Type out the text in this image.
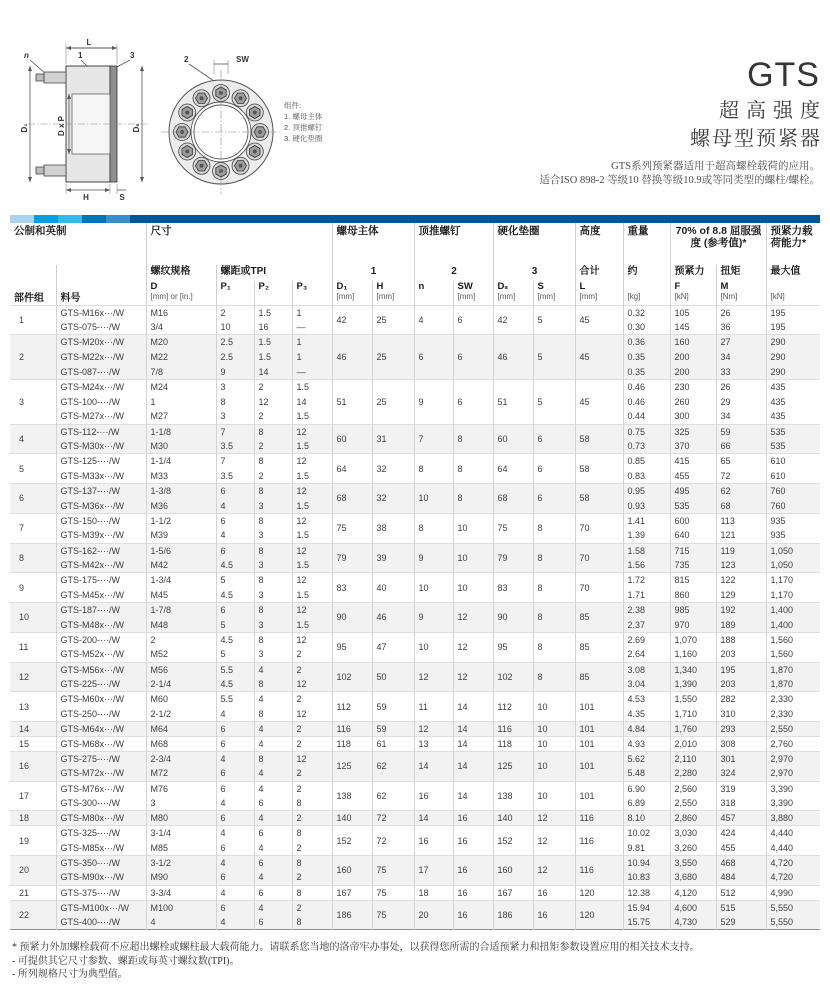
L
n	1	3
D₁	D x P	Dₛ
H	S
2	SW
组件:
1. 螺母主体
2. 顶推螺钉
3. 硬化垫圈
GTS
超高强度
螺母型预紧器
GTS系列预紧器适用于超高螺栓载荷的应用。
适合ISO 898-2 等级10 替换等级10.9或等同类型的螺柱/螺栓。
公制和英制		尺寸				螺母主体		顶推螺钉		硬化垫圈		高度	重量	70% of 8.8 屈服强度 (参考值)*		预紧力载荷能力*
部件组	料号	螺纹规格	螺距或TPI			1		2		3		合计	约	预紧力	扭矩	最大值

D
[mm] or [in.]

P₁	P₂	P₃	D₁
[mm]

H
[mm]

n	SW
[mm]

Dₛ
[mm]

S
[mm]

L
[mm]	[kg]

F
[kN]

M
[Nm]	[kN]

1	GTS-M16x···/W	M16	2	1.5	1	42	25	4	6	42	5	45	0.32	105	26	195
	GTS-075-···/W	3/4	10	16	—								0.30	145	36	195
2	GTS-M20x···/W	M20	2.5	1.5	1	46	25	6	6	46	5	45	0.36	160	27	290
	GTS-M22x···/W	M22	2.5	1.5	1								0.35	200	34	290
	GTS-087-···/W	7/8	9	14	—								0.35	200	33	290
3	GTS-M24x···/W	M24	3	2	1.5	51	25	9	6	51	5	45	0.46	230	26	435
	GTS-100-···/W	1	8	12	14								0.46	260	29	435
	GTS-M27x···/W	M27	3	2	1.5								0.44	300	34	435
4	GTS-112-···/W	1-1/8	7	8	12	60	31	7	8	60	6	58	0.75	325	59	535
	GTS-M30x···/W	M30	3.5	2	1.5								0.73	370	66	535
5	GTS-125-···/W	1-1/4	7	8	12	64	32	8	8	64	6	58	0.85	415	65	610
	GTS-M33x···/W	M33	3.5	2	1.5								0.83	455	72	610
6	GTS-137-···/W	1-3/8	6	8	12	68	32	10	8	68	6	58	0.95	495	62	760
	GTS-M36x···/W	M36	4	3	1.5								0.93	535	68	760
7	GTS-150-···/W	1-1/2	6	8	12	75	38	8	10	75	8	70	1.41	600	113	935
	GTS-M39x···/W	M39	4	3	1.5								1.39	640	121	935
8	GTS-162-···/W	1-5/6	6	8	12	79	39	9	10	79	8	70	1.58	715	119	1,050
	GTS-M42x···/W	M42	4.5	3	1.5								1.56	735	123	1,050
9	GTS-175-···/W	1-3/4	5	8	12	83	40	10	10	83	8	70	1.72	815	122	1,170
	GTS-M45x···/W	M45	4.5	3	1.5								1.71	860	129	1,170
10	GTS-187-···/W	1-7/8	6	8	12	90	46	9	12	90	8	85	2.38	985	192	1,400
	GTS-M48x···/W	M48	5	3	1.5								2.37	970	189	1,400
11	GTS-200-···/W	2	4.5	8	12	95	47	10	12	95	8	85	2.69	1,070	188	1,560
	GTS-M52x···/W	M52	5	3	2								2.64	1,160	203	1,560
12	GTS-M56x···/W	M56	5.5	4	2	102	50	12	12	102	8	85	3.08	1,340	195	1,870
	GTS-225-···/W	2-1/4	4.5	8	12								3.04	1,390	203	1,870
13	GTS-M60x···/W	M60	5.5	4	2	112	59	11	14	112	10	101	4.53	1,550	282	2,330
	GTS-250-···/W	2-1/2	4	8	12								4.35	1,710	310	2,330
14	GTS-M64x···/W	M64	6	4	2	116	59	12	14	116	10	101	4.84	1,760	293	2,550
15	GTS-M68x···/W	M68	6	4	2	118	61	13	14	118	10	101	4.93	2,010	308	2,760
16	GTS-275-···/W	2-3/4	4	8	12	125	62	14	14	125	10	101	5.62	2,110	301	2,970
	GTS-M72x···/W	M72	6	4	2								5.48	2,280	324	2,970
17	GTS-M76x···/W	M76	6	4	2	138	62	16	14	138	10	101	6.90	2,560	319	3,390
	GTS-300-···/W	3	4	6	8								6.89	2,550	318	3,390
18	GTS-M80x···/W	M80	6	4	2	140	72	14	16	140	12	116	8.10	2,860	457	3,880
19	GTS-325-···/W	3-1/4	4	6	8	152	72	16	16	152	12	116	10.02	3,030	424	4,440
	GTS-M85x···/W	M85	6	4	2								9.81	3,260	455	4,440
20	GTS-350-···/W	3-1/2	4	6	8	160	75	17	16	160	12	116	10.94	3,550	468	4,720
	GTS-M90x···/W	M90	6	4	2								10.83	3,680	484	4,720
21	GTS-375-···/W	3-3/4	4	6	8	167	75	18	16	167	16	120	12.38	4,120	512	4,990
22	GTS-M100x···/W	M100	6	4	2	186	75	20	16	186	16	120	15.94	4,600	515	5,550
	GTS-400-···/W	4	4	6	8								15.75	4,730	529	5,550
* 预紧力外加螺栓载荷不应超出螺栓或螺柱最大载荷能力。请联系您当地的洛帝牢办事处，以获得您所需的合适预紧力和扭矩参数设置应用的相关技术支持。
- 可提供其它尺寸参数、螺距或每英寸螺纹数(TPI)。
- 所列规格尺寸为典型值。
